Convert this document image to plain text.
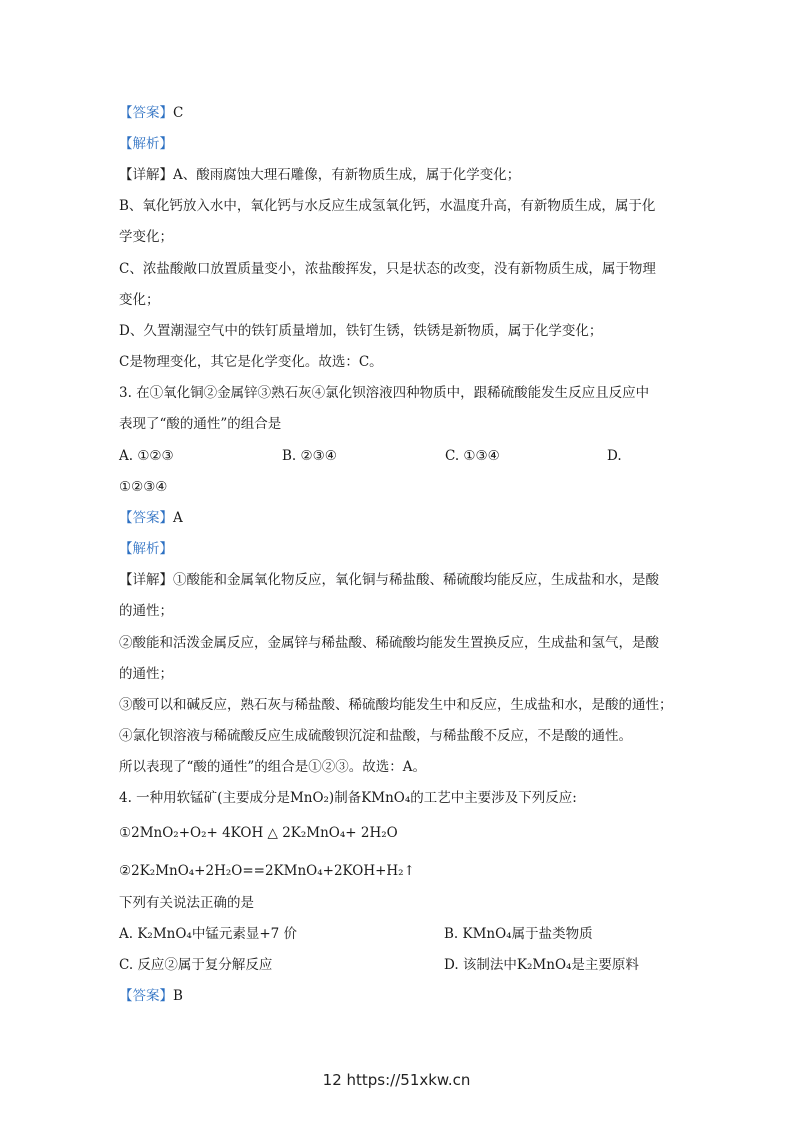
【答案】C
【解析】
【详解】A、酸雨腐蚀大理石雕像，有新物质生成，属于化学变化；
B、氧化钙放入水中，氧化钙与水反应生成氢氧化钙，水温度升高，有新物质生成，属于化
学变化；
C、浓盐酸敞口放置质量变小，浓盐酸挥发，只是状态的改变，没有新物质生成，属于物理
变化；
D、久置潮湿空气中的铁钉质量增加，铁钉生锈，铁锈是新物质，属于化学变化；
C是物理变化，其它是化学变化。故选：C。
3. 在①氧化铜②金属锌③熟石灰④氯化钡溶液四种物质中，跟稀硫酸能发生反应且反应中
表现了“酸的通性”的组合是
A. ①②③	B. ②③④	C. ①③④	D.
①②③④
【答案】A
【解析】
【详解】①酸能和金属氧化物反应，氧化铜与稀盐酸、稀硫酸均能反应，生成盐和水，是酸
的通性；
②酸能和活泼金属反应，金属锌与稀盐酸、稀硫酸均能发生置换反应，生成盐和氢气，是酸
的通性；
③酸可以和碱反应，熟石灰与稀盐酸、稀硫酸均能发生中和反应，生成盐和水，是酸的通性；
④氯化钡溶液与稀硫酸反应生成硫酸钡沉淀和盐酸，与稀盐酸不反应，不是酸的通性。
所以表现了“酸的通性”的组合是①②③。故选：A。
4. 一种用软锰矿(主要成分是MnO₂)制备KMnO₄的工艺中主要涉及下列反应:
①2MnO₂+O₂+ 4KOH △ 2K₂MnO₄+ 2H₂O
②2K₂MnO₄+2H₂O==2KMnO₄+2KOH+H₂↑
下列有关说法正确的是
A. K₂MnO₄中锰元素显+7 价	B. KMnO₄属于盐类物质
C. 反应②属于复分解反应	D. 该制法中K₂MnO₄是主要原料
【答案】B
12 https://51xkw.cn
